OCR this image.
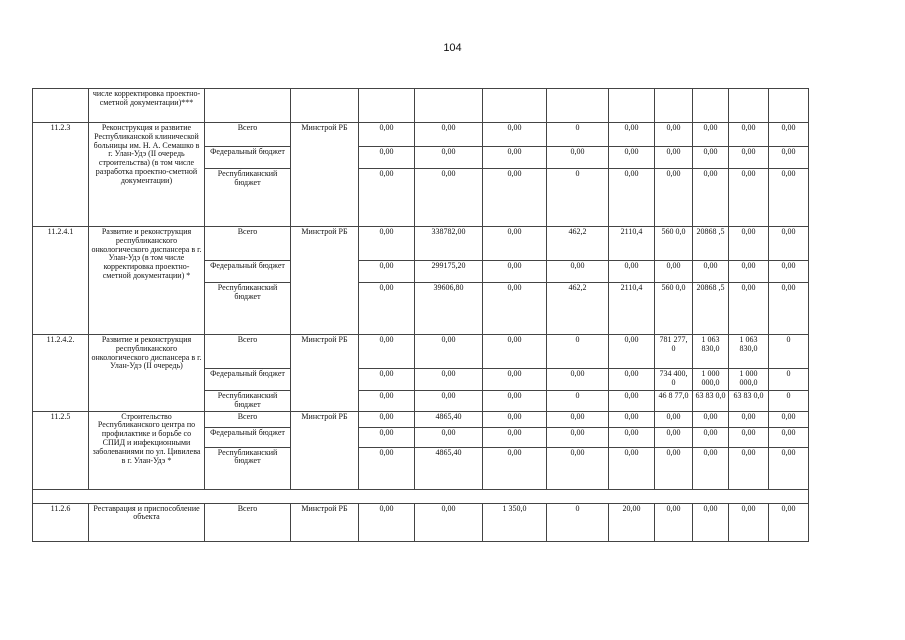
104
	числе корректировка проектно-сметной документации)***											
11.2.3	Реконструкция и развитие Республиканской клинической больницы им. Н. А. Семашко в г. Улан-Удэ (II очередь строительства) (в том числе разработка проектно-сметной документации)	Всего	Минстрой РБ	0,00	0,00	0,00	0	0,00	0,00	0,00	0,00	0,00
		Федеральный бюджет		0,00	0,00	0,00	0,00	0,00	0,00	0,00	0,00	0,00
		Республиканский бюджет		0,00	0,00	0,00	0	0,00	0,00	0,00	0,00	0,00
11.2.4.1	Развитие и реконструкция республиканского онкологического диспансера в г. Улан-Удэ (в том числе корректировка проектно-сметной документации) *	Всего	Минстрой РБ	0,00	338782,00	0,00	462,2	2110,4	560 0,0	20868 ,5	0,00	0,00
		Федеральный бюджет		0,00	299175,20	0,00	0,00	0,00	0,00	0,00	0,00	0,00
		Республиканский бюджет		0,00	39606,80	0,00	462,2	2110,4	560 0,0	20868 ,5	0,00	0,00
11.2.4.2.	Развитие и реконструкция республиканского онкологического диспансера в г. Улан-Удэ (II очередь)	Всего	Минстрой РБ	0,00	0,00	0,00	0	0,00	781 277, 0	1 063 830,0	1 063 830,0	0
		Федеральный бюджет		0,00	0,00	0,00	0,00	0,00	734 400, 0	1 000 000,0	1 000 000,0	0
		Республиканский бюджет		0,00	0,00	0,00	0	0,00	46 8 77,0	63 83 0,0	63 83 0,0	0
11.2.5	Строительство Республиканского центра по профилактике и борьбе со СПИД и инфекционными заболеваниями по ул. Цивилева в г. Улан-Удэ *	Всего	Минстрой РБ	0,00	4865,40	0,00	0,00	0,00	0,00	0,00	0,00	0,00
		Федеральный бюджет		0,00	0,00	0,00	0,00	0,00	0,00	0,00	0,00	0,00
		Республиканский бюджет		0,00	4865,40	0,00	0,00	0,00	0,00	0,00	0,00	0,00

11.2.6	Реставрация и приспособление объекта	Всего	Минстрой РБ	0,00	0,00	1 350,0	0	20,00	0,00	0,00	0,00	0,00
